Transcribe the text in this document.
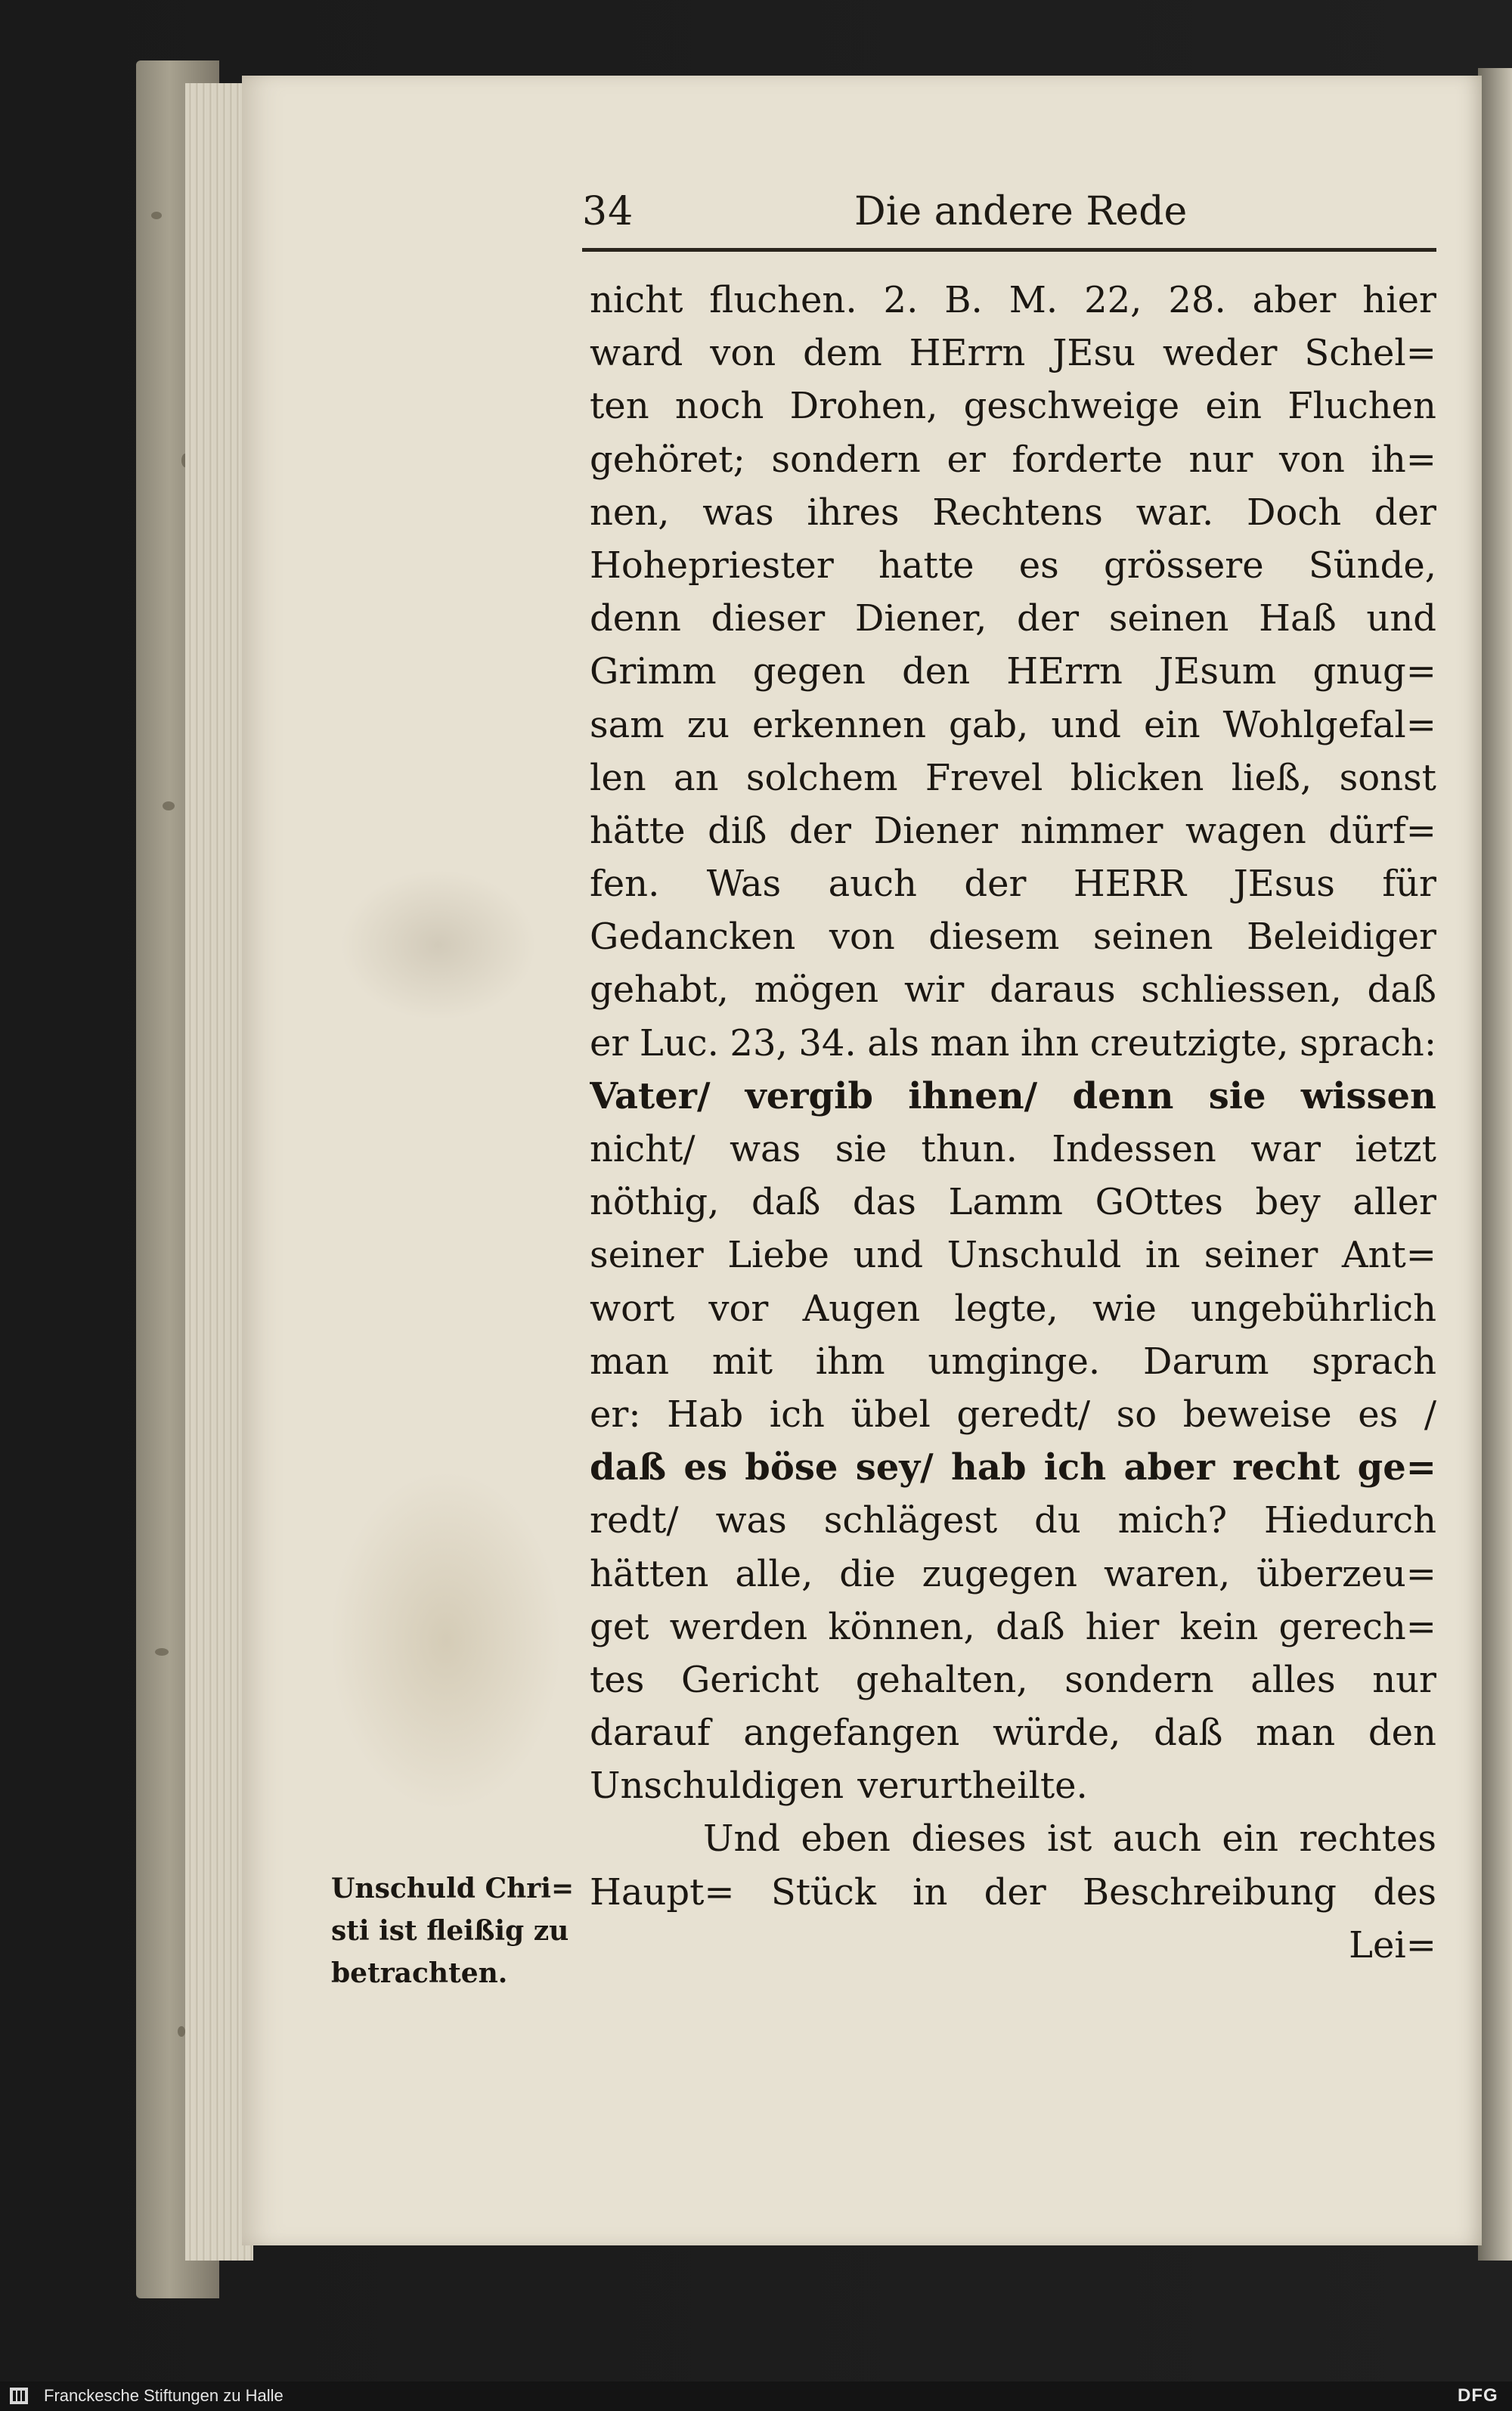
34	Die andere Rede
nicht fluchen. 2. B. M. 22, 28. aber hier
ward von dem HErrn JEsu weder Schel=
ten noch Drohen, geschweige ein Fluchen
gehöret; sondern er forderte nur von ih=
nen, was ihres Rechtens war. Doch der
Hohepriester hatte es grössere Sünde,
denn dieser Diener, der seinen Haß und
Grimm gegen den HErrn JEsum gnug=
sam zu erkennen gab, und ein Wohlgefal=
len an solchem Frevel blicken ließ, sonst
hätte diß der Diener nimmer wagen dürf=
fen. Was auch der HERR JEsus für
Gedancken von diesem seinen Beleidiger
gehabt, mögen wir daraus schliessen, daß
er Luc. 23, 34. als man ihn creutzigte, sprach:
Vater/ vergib ihnen/ denn sie wissen
nicht/ was sie thun. Indessen war ietzt
nöthig, daß das Lamm GOttes bey aller
seiner Liebe und Unschuld in seiner Ant=
wort vor Augen legte, wie ungebührlich
man mit ihm umginge. Darum sprach
er: Hab ich übel geredt/ so beweise es /
daß es böse sey/ hab ich aber recht ge=
redt/ was schlägest du mich? Hiedurch
hätten alle, die zugegen waren, überzeu=
get werden können, daß hier kein gerech=
tes Gericht gehalten, sondern alles nur
darauf angefangen würde, daß man den
Unschuldigen verurtheilte.
Und eben dieses ist auch ein rechtes
Haupt= Stück in der Beschreibung des
Lei=
Unschuld Chri=
sti ist fleißig zu
betrachten.
Franckesche Stiftungen zu Halle	DFG
